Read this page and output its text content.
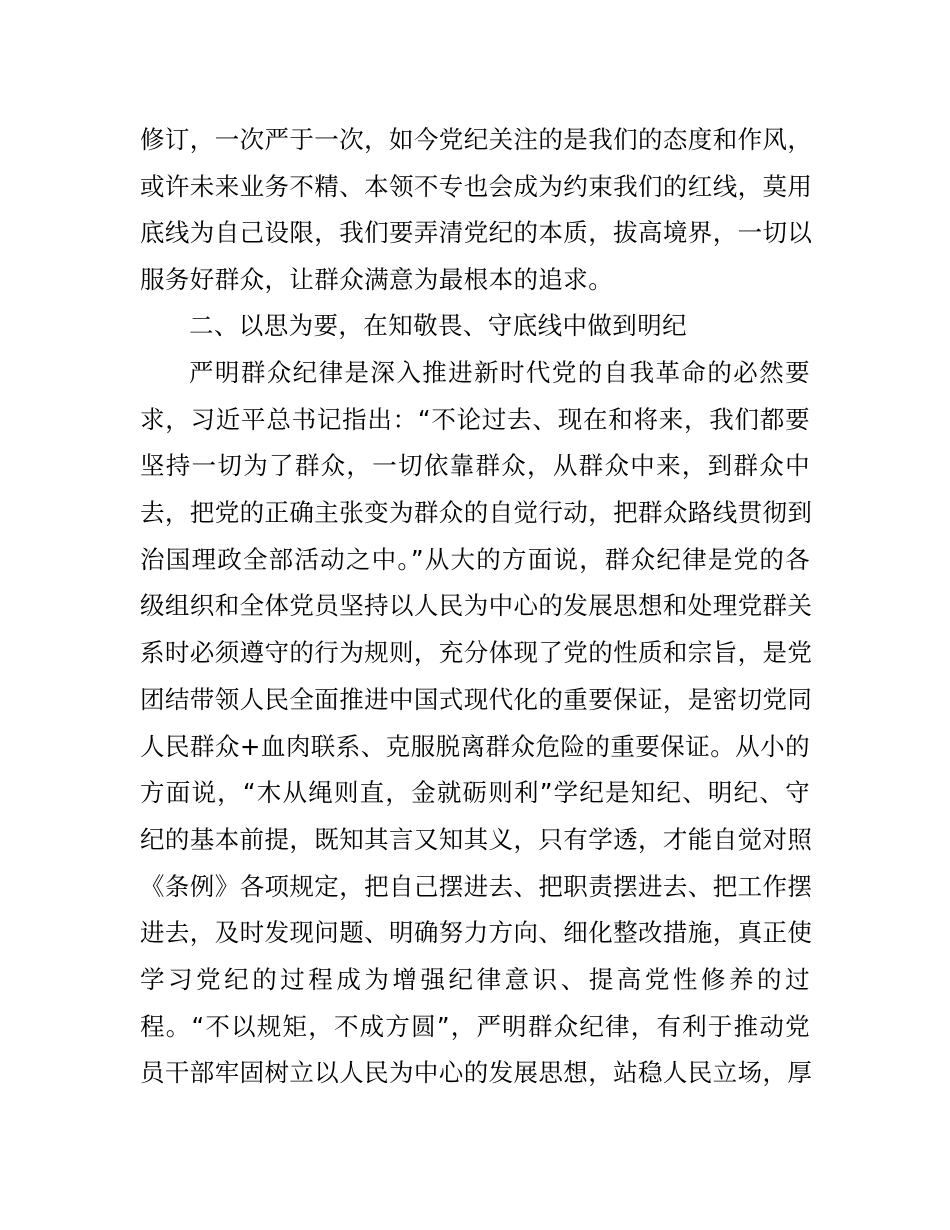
修订，一次严于一次，如今党纪关注的是我们的态度和作风，
或许未来业务不精、本领不专也会成为约束我们的红线，莫用
底线为自己设限，我们要弄清党纪的本质，拔高境界，一切以
服务好群众，让群众满意为最根本的追求。
二、以思为要，在知敬畏、守底线中做到明纪
严明群众纪律是深入推进新时代党的自我革命的必然要
求，习近平总书记指出：“不论过去、现在和将来，我们都要
坚持一切为了群众，一切依靠群众，从群众中来，到群众中
去，把党的正确主张变为群众的自觉行动，把群众路线贯彻到
治国理政全部活动之中。”从大的方面说，群众纪律是党的各
级组织和全体党员坚持以人民为中心的发展思想和处理党群关
系时必须遵守的行为规则，充分体现了党的性质和宗旨，是党
团结带领人民全面推进中国式现代化的重要保证，是密切党同
人民群众+血肉联系、克服脱离群众危险的重要保证。从小的
方面说，“木从绳则直，金就砺则利”学纪是知纪、明纪、守
纪的基本前提，既知其言又知其义，只有学透，才能自觉对照
《条例》各项规定，把自己摆进去、把职责摆进去、把工作摆
进去，及时发现问题、明确努力方向、细化整改措施，真正使
学习党纪的过程成为增强纪律意识、提高党性修养的过
程。“不以规矩，不成方圆”，严明群众纪律，有利于推动党
员干部牢固树立以人民为中心的发展思想，站稳人民立场，厚
